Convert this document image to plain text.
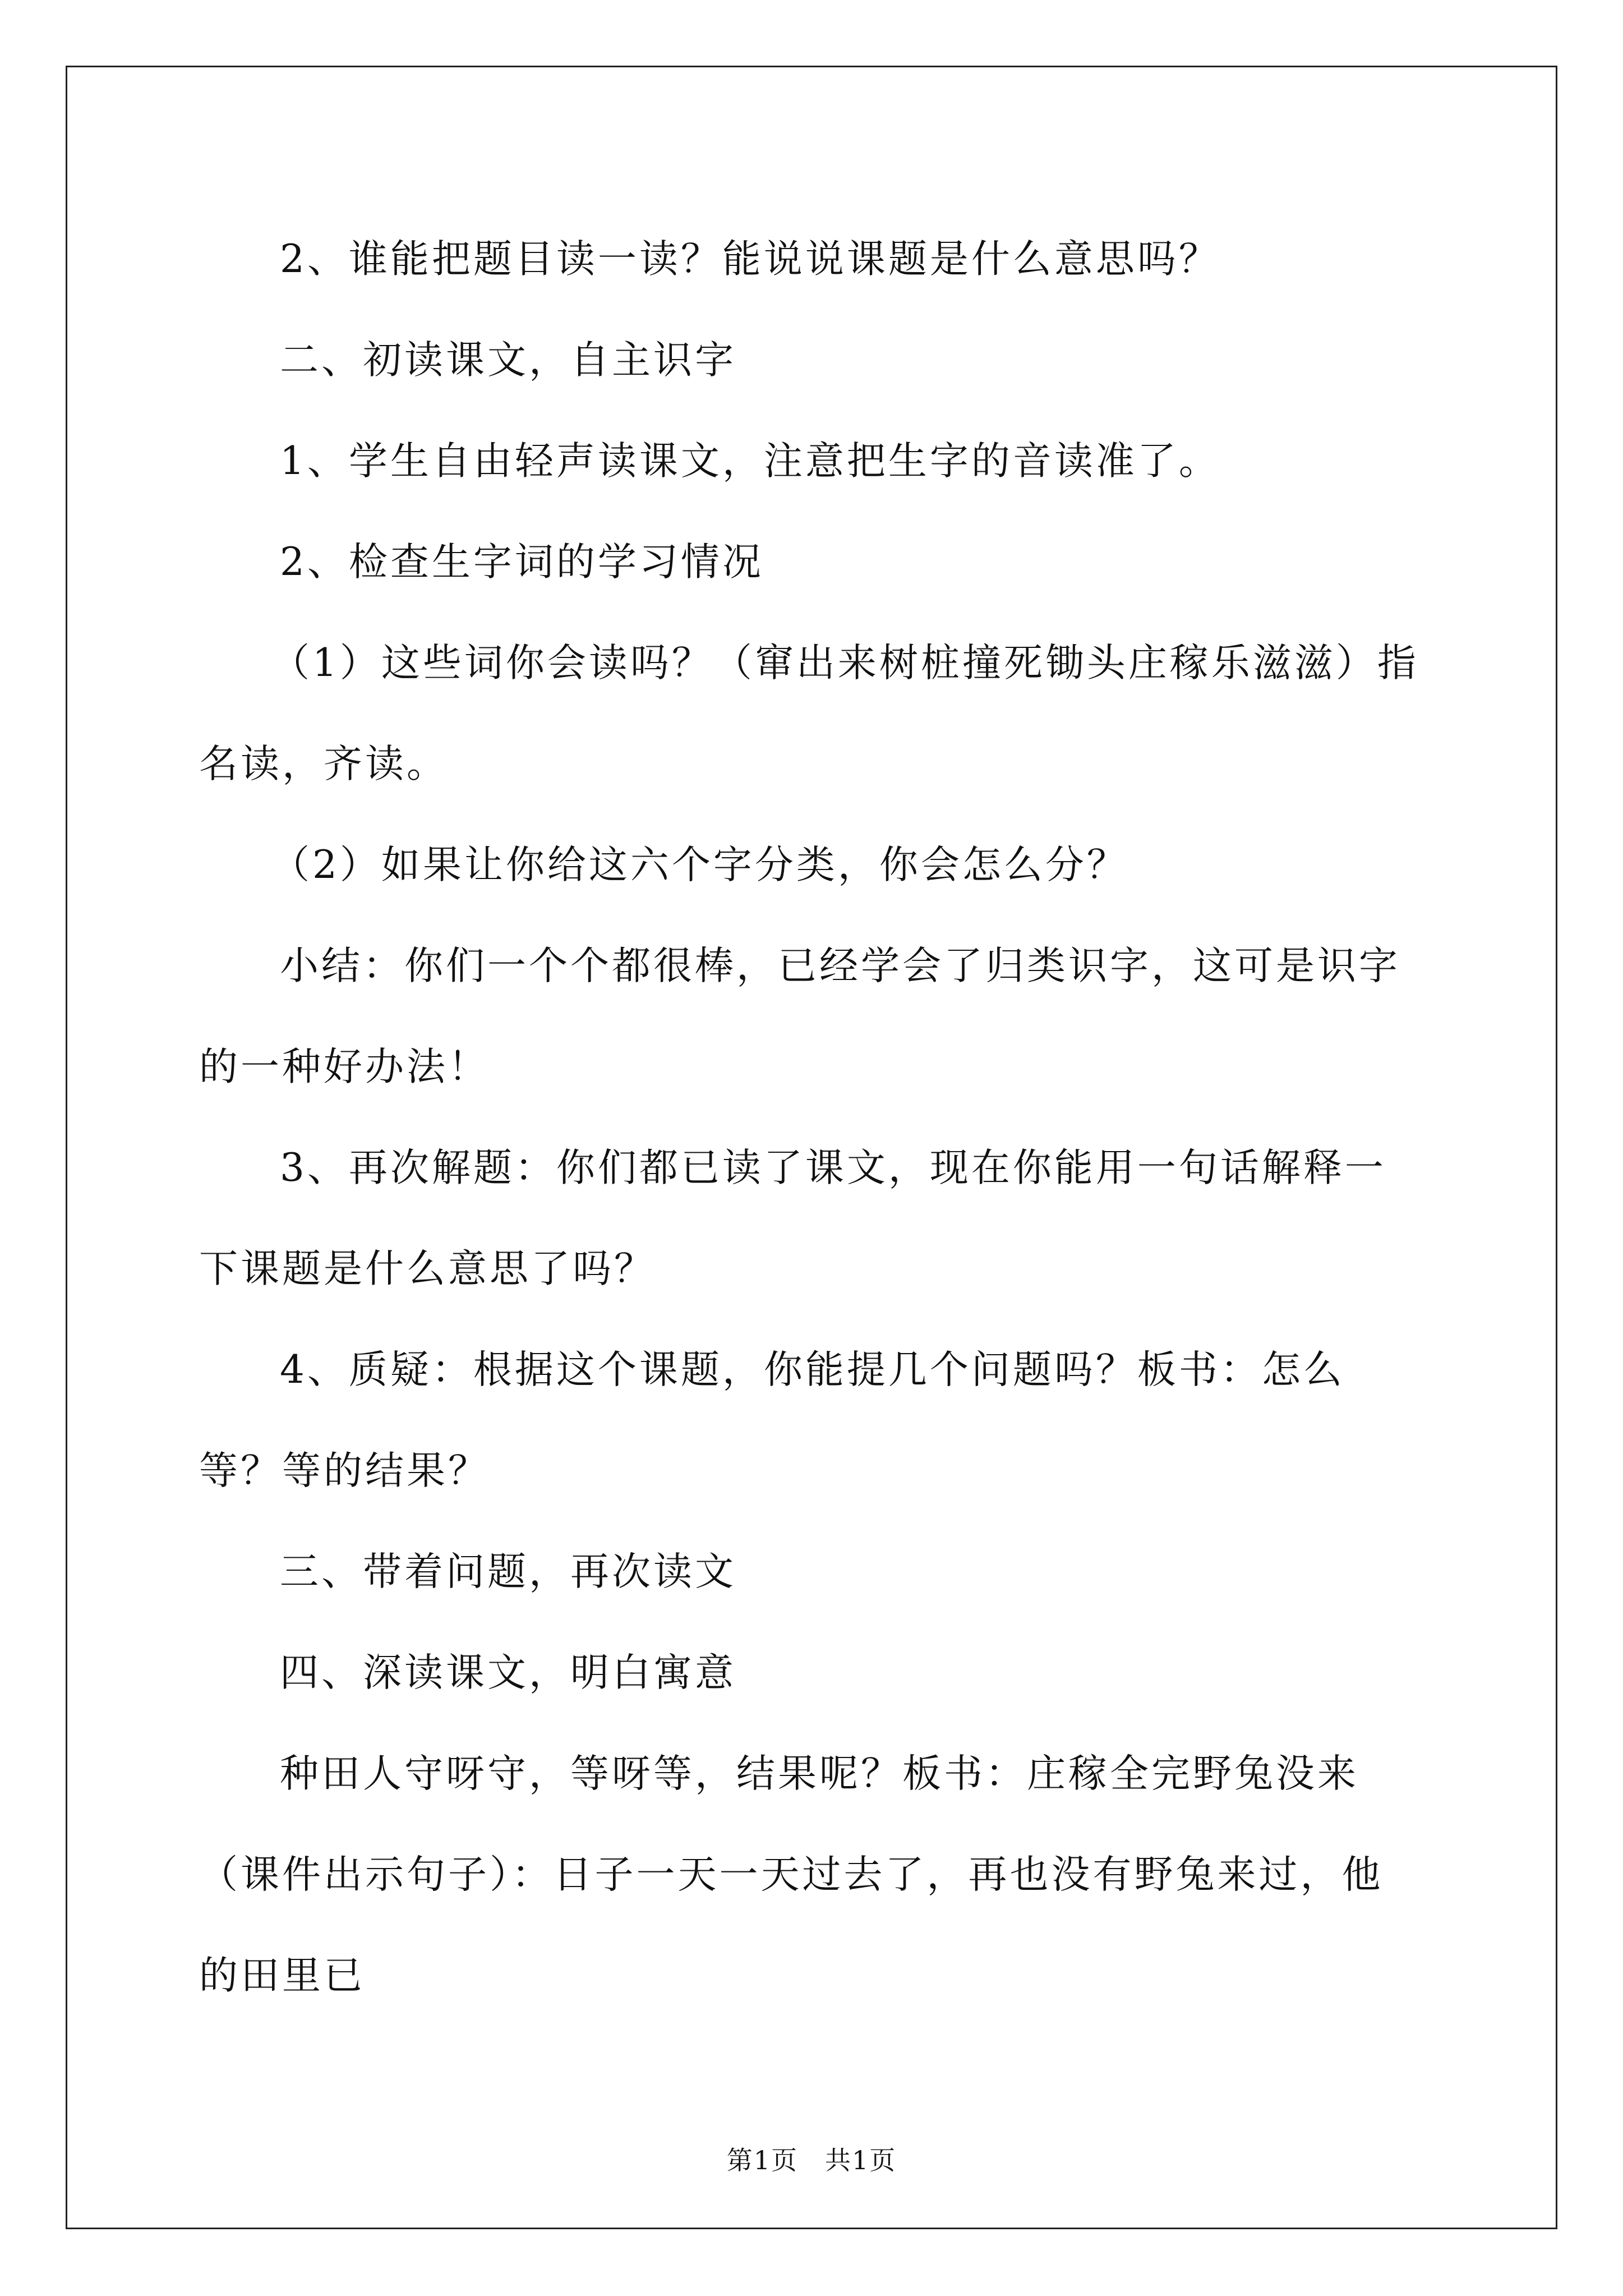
2、谁能把题目读一读？能说说课题是什么意思吗？

二、初读课文，自主识字

1、学生自由轻声读课文，注意把生字的音读准了。

2、检查生字词的学习情况

（1）这些词你会读吗？（窜出来树桩撞死锄头庄稼乐滋滋）指名读，齐读。

（2）如果让你给这六个字分类，你会怎么分？

小结：你们一个个都很棒，已经学会了归类识字，这可是识字的一种好办法！

3、再次解题：你们都已读了课文，现在你能用一句话解释一下课题是什么意思了吗？

4、质疑：根据这个课题，你能提几个问题吗？板书：怎么等？等的结果？

三、带着问题，再次读文

四、深读课文，明白寓意

种田人守呀守，等呀等，结果呢？板书：庄稼全完野兔没来（课件出示句子）：日子一天一天过去了，再也没有野兔来过，他的田里已

第1页　共1页
